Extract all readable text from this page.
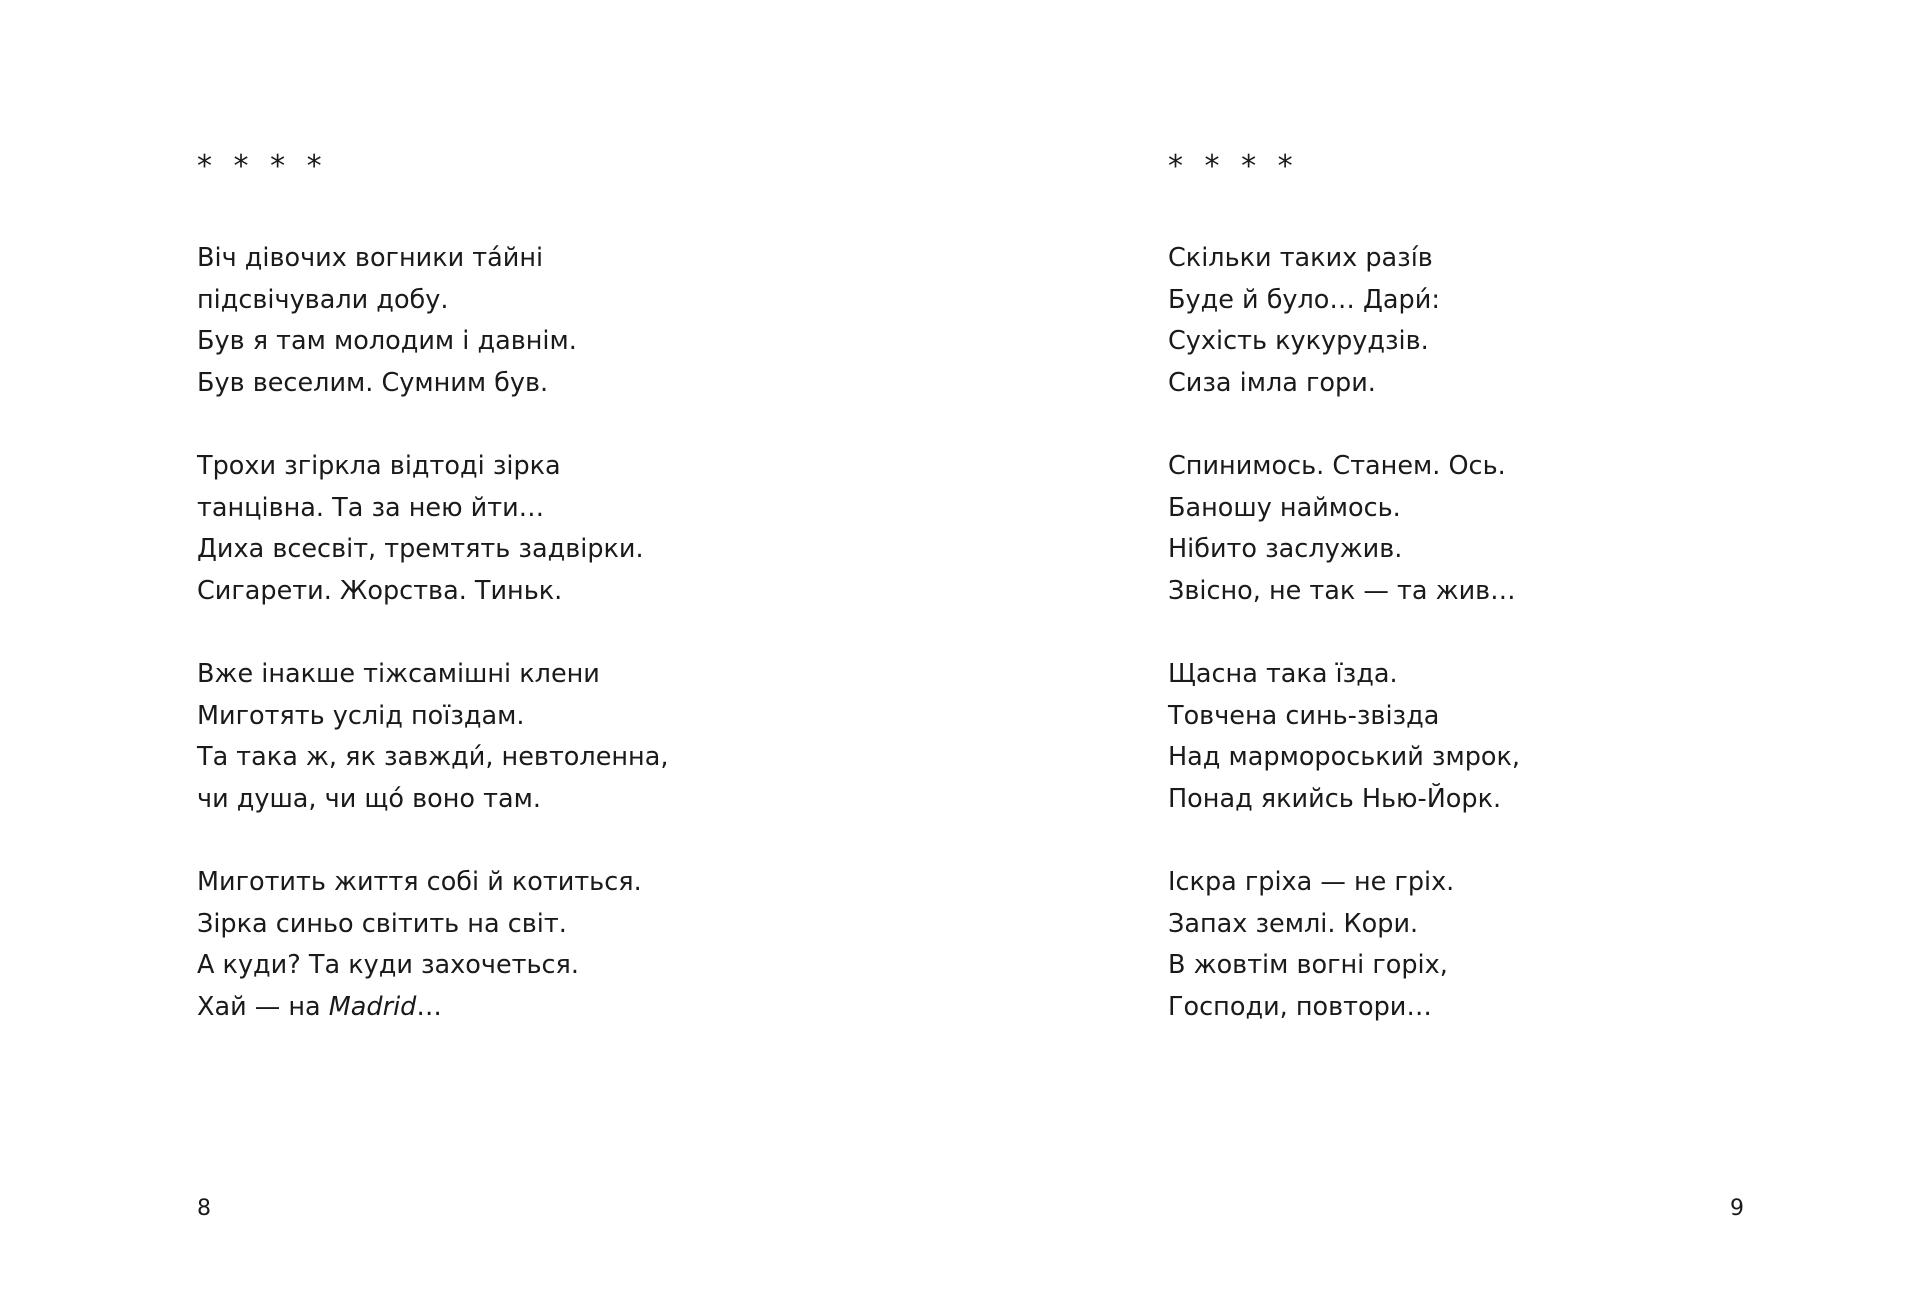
* * * *
Віч дівочих вогники та́йні
підсвічували добу.
Був я там молодим і давнім.
Був веселим. Сумним був.
Трохи згіркла відтоді зірка
танцівна. Та за нею йти…
Диха всесвіт, тремтять задвірки.
Сигарети. Жорства. Тиньк.
Вже інакше тіжсамішні клени
Миготять услід поїздам.
Та така ж, як завжди́, невтоленна,
чи душа, чи що́ воно там.
Миготить життя собі й котиться.
Зірка синьо світить на світ.
А куди? Та куди захочеться.
Хай — на Madrid…
8
* * * *
Скільки таких разі́в
Буде й було… Дари́:
Сухість кукурудзів.
Сиза імла гори.
Спинимось. Станем. Ось.
Баношу наймось.
Нібито заслужив.
Звісно, не так — та жив…
Щасна така їзда.
Товчена синь-звізда
Над мармороський змрок,
Понад якийсь Нью-Йорк.
Іскра гріха — не гріх.
Запах землі. Кори.
В жовтім вогні горіх,
Господи, повтори…
9
